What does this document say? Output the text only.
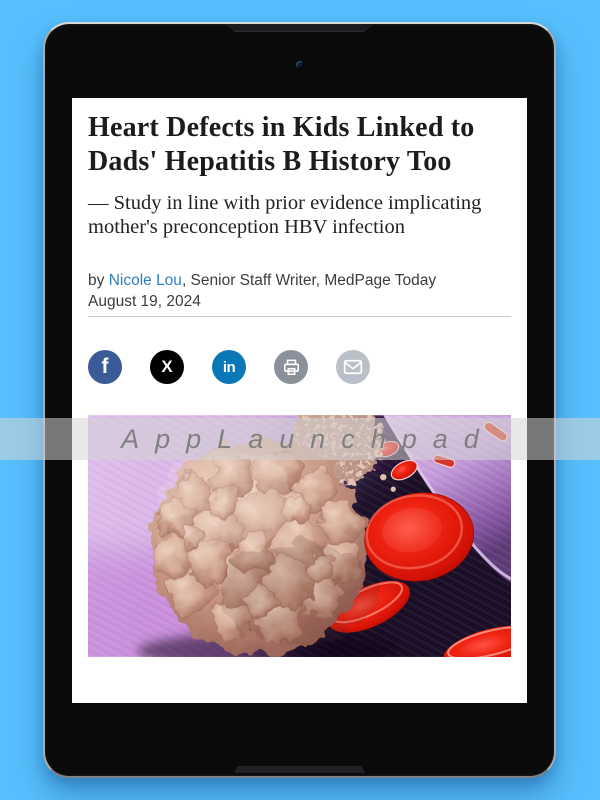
Heart Defects in Kids Linked to Dads' Hepatitis B History Too
— Study in line with prior evidence implicating mother's preconception HBV infection
by Nicole Lou, Senior Staff Writer, MedPage Today
August 19, 2024
f	X	in
AppLaunchpad
